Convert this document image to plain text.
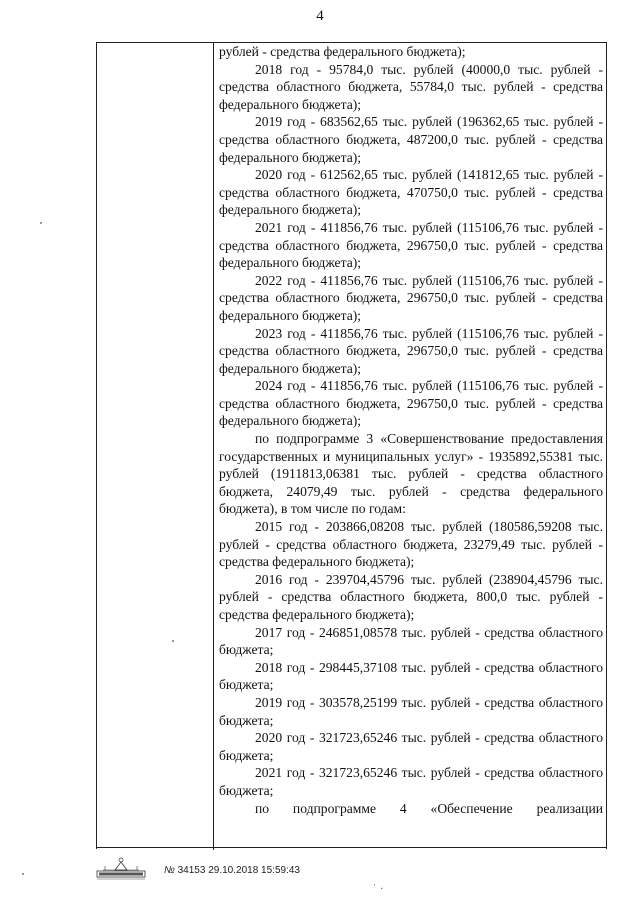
4

рублей - средства федерального бюджета);

2018 год - 95784,0 тыс. рублей (40000,0 тыс. рублей - средства областного бюджета, 55784,0 тыс. рублей - средства федерального бюджета);

2019 год - 683562,65 тыс. рублей (196362,65 тыс. рублей - средства областного бюджета, 487200,0 тыс. рублей - средства федерального бюджета);

2020 год - 612562,65 тыс. рублей (141812,65 тыс. рублей - средства областного бюджета, 470750,0 тыс. рублей - средства федерального бюджета);

2021 год - 411856,76 тыс. рублей (115106,76 тыс. рублей - средства областного бюджета, 296750,0 тыс. рублей - средства федерального бюджета);

2022 год - 411856,76 тыс. рублей (115106,76 тыс. рублей - средства областного бюджета, 296750,0 тыс. рублей - средства федерального бюджета);

2023 год - 411856,76 тыс. рублей (115106,76 тыс. рублей - средства областного бюджета, 296750,0 тыс. рублей - средства федерального бюджета);

2024 год - 411856,76 тыс. рублей (115106,76 тыс. рублей - средства областного бюджета, 296750,0 тыс. рублей - средства федерального бюджета);

по подпрограмме 3 «Совершенствование предоставления государственных и муниципальных услуг» - 1935892,55381 тыс. рублей (1911813,06381 тыс. рублей - средства областного бюджета, 24079,49 тыс. рублей - средства федерального бюджета), в том числе по годам:

2015 год - 203866,08208 тыс. рублей (180586,59208 тыс. рублей - средства областного бюджета, 23279,49 тыс. рублей - средства федерального бюджета);

2016 год - 239704,45796 тыс. рублей (238904,45796 тыс. рублей - средства областного бюджета, 800,0 тыс. рублей - средства федерального бюджета);

2017 год - 246851,08578 тыс. рублей - средства областного бюджета;

2018 год - 298445,37108 тыс. рублей - средства областного бюджета;

2019 год - 303578,25199 тыс. рублей - средства областного бюджета;

2020 год - 321723,65246 тыс. рублей - средства областного бюджета;

2021 год - 321723,65246 тыс. рублей - средства областного бюджета;

по подпрограмме 4 «Обеспечение реализации

№ 34153 29.10.2018 15:59:43
˙ ·
